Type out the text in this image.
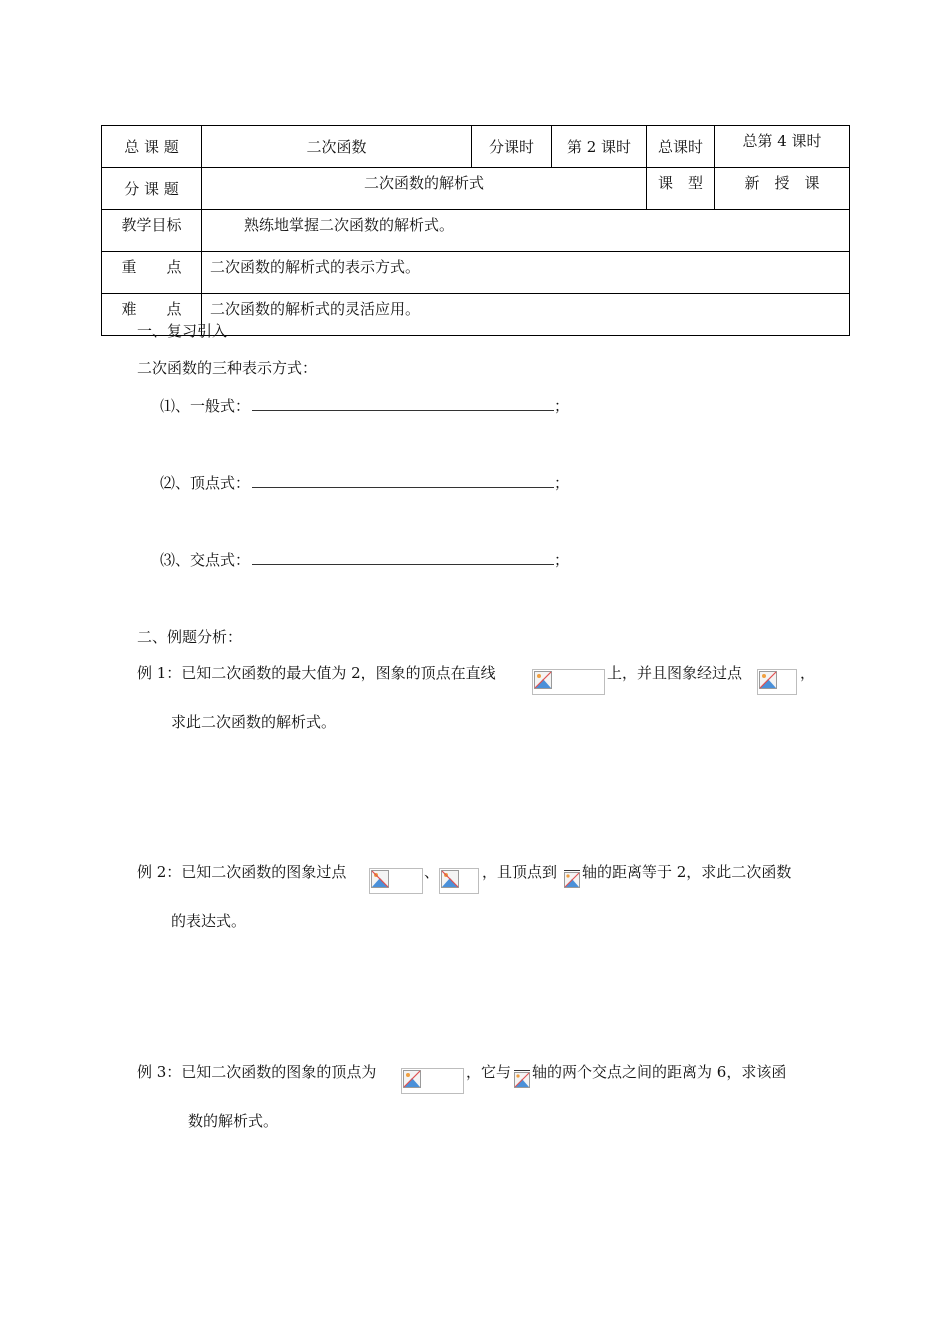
总 课 题	二次函数	分课时	第 2 课时	总课时	总第 4 课时
分 课 题	二次函数的解析式			课　型	新　授　课
教学目标	熟练地掌握二次函数的解析式。				
重　　点	二次函数的解析式的表示方式。				
难　　点	二次函数的解析式的灵活应用。				
一、复习引入
二次函数的三种表示方式：
⑴、一般式：	；
⑵、顶点式：	；
⑶、交点式：	；
二、例题分析：
例 1：已知二次函数的最大值为 2，图象的顶点在直线	上，并且图象经过点	，
求此二次函数的解析式。
例 2：已知二次函数的图象过点	、	，且顶点到 轴的距离等于 2，求此二次函数
的表达式。
例 3：已知二次函数的图象的顶点为	，它与 轴的两个交点之间的距离为 6，求该函
数的解析式。
